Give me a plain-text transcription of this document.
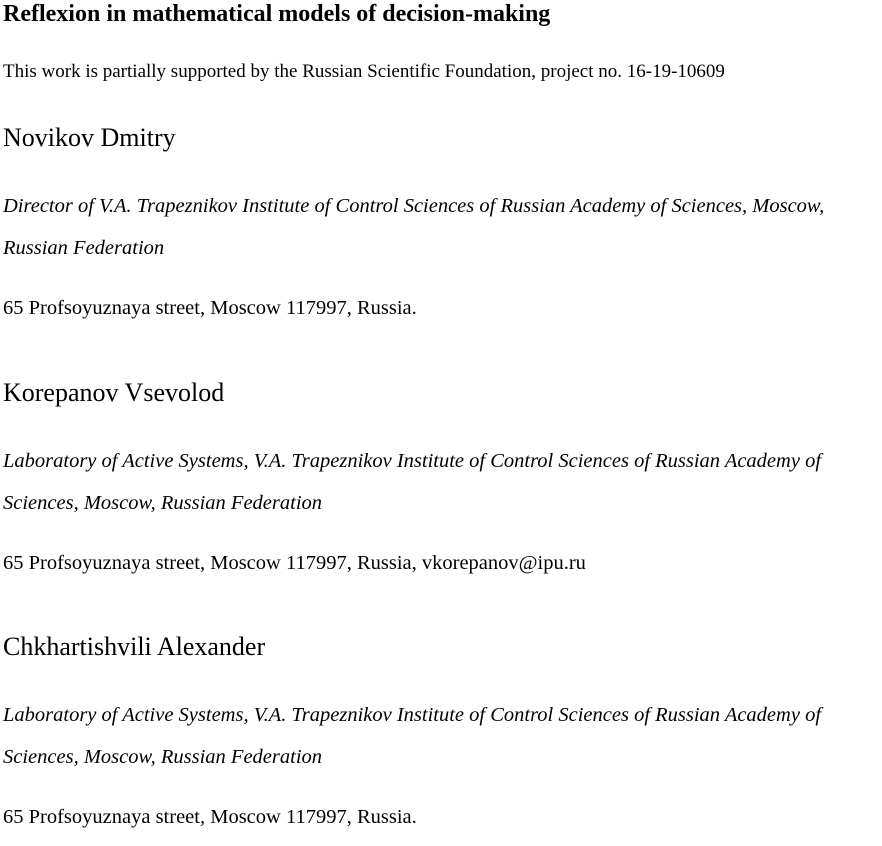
Reflexion in mathematical models of decision-making
This work is partially supported by the Russian Scientific Foundation, project no. 16-19-10609
Novikov Dmitry
Director of V.A. Trapeznikov Institute of Control Sciences of Russian Academy of Sciences, Moscow, Russian Federation
65 Profsoyuznaya street, Moscow 117997, Russia.
Korepanov Vsevolod
Laboratory of Active Systems, V.A. Trapeznikov Institute of Control Sciences of Russian Academy of Sciences, Moscow, Russian Federation
65 Profsoyuznaya street, Moscow 117997, Russia, vkorepanov@ipu.ru
Chkhartishvili Alexander
Laboratory of Active Systems, V.A. Trapeznikov Institute of Control Sciences of Russian Academy of Sciences, Moscow, Russian Federation
65 Profsoyuznaya street, Moscow 117997, Russia.
